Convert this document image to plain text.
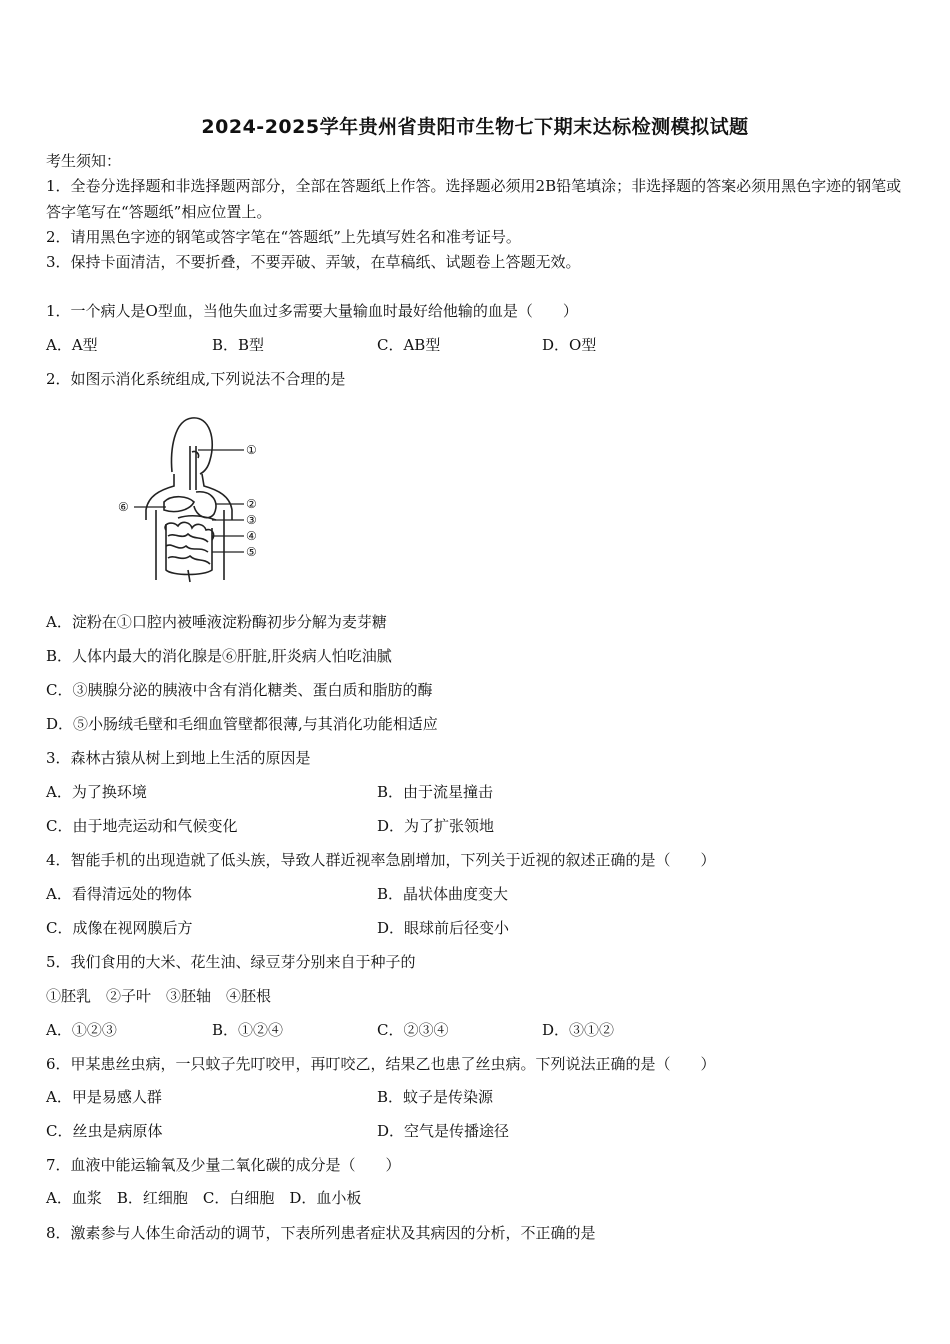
2024-2025学年贵州省贵阳市生物七下期末达标检测模拟试题
考生须知：
1．全卷分选择题和非选择题两部分，全部在答题纸上作答。选择题必须用2B铅笔填涂；非选择题的答案必须用黑色字迹的钢笔或答字笔写在“答题纸”相应位置上。
2．请用黑色字迹的钢笔或答字笔在“答题纸”上先填写姓名和准考证号。
3．保持卡面清洁，不要折叠，不要弄破、弄皱，在草稿纸、试题卷上答题无效。
1．一个病人是O型血，当他失血过多需要大量输血时最好给他输的血是（　　）
A．A型	B．B型	C．AB型	D．O型
2．如图示消化系统组成,下列说法不合理的是
①
②
③
④
⑤
⑥
A．淀粉在①口腔内被唾液淀粉酶初步分解为麦芽糖
B．人体内最大的消化腺是⑥肝脏,肝炎病人怕吃油腻
C．③胰腺分泌的胰液中含有消化糖类、蛋白质和脂肪的酶
D．⑤小肠绒毛壁和毛细血管壁都很薄,与其消化功能相适应
3．森林古猿从树上到地上生活的原因是
A．为了换环境	B．由于流星撞击
C．由于地壳运动和气候变化	D．为了扩张领地
4．智能手机的出现造就了低头族，导致人群近视率急剧增加，下列关于近视的叙述正确的是（　　）
A．看得清远处的物体	B．晶状体曲度变大
C．成像在视网膜后方	D．眼球前后径变小
5．我们食用的大米、花生油、绿豆芽分别来自于种子的
①胚乳　②子叶　③胚轴　④胚根
A．①②③	B．①②④	C．②③④	D．③①②
6．甲某患丝虫病，一只蚊子先叮咬甲，再叮咬乙，结果乙也患了丝虫病。下列说法正确的是（　　）
A．甲是易感人群	B．蚊子是传染源
C．丝虫是病原体	D．空气是传播途径
7．血液中能运输氧及少量二氧化碳的成分是（　　）
A．血浆　B．红细胞　C．白细胞　D．血小板
8．激素参与人体生命活动的调节，下表所列患者症状及其病因的分析，不正确的是
